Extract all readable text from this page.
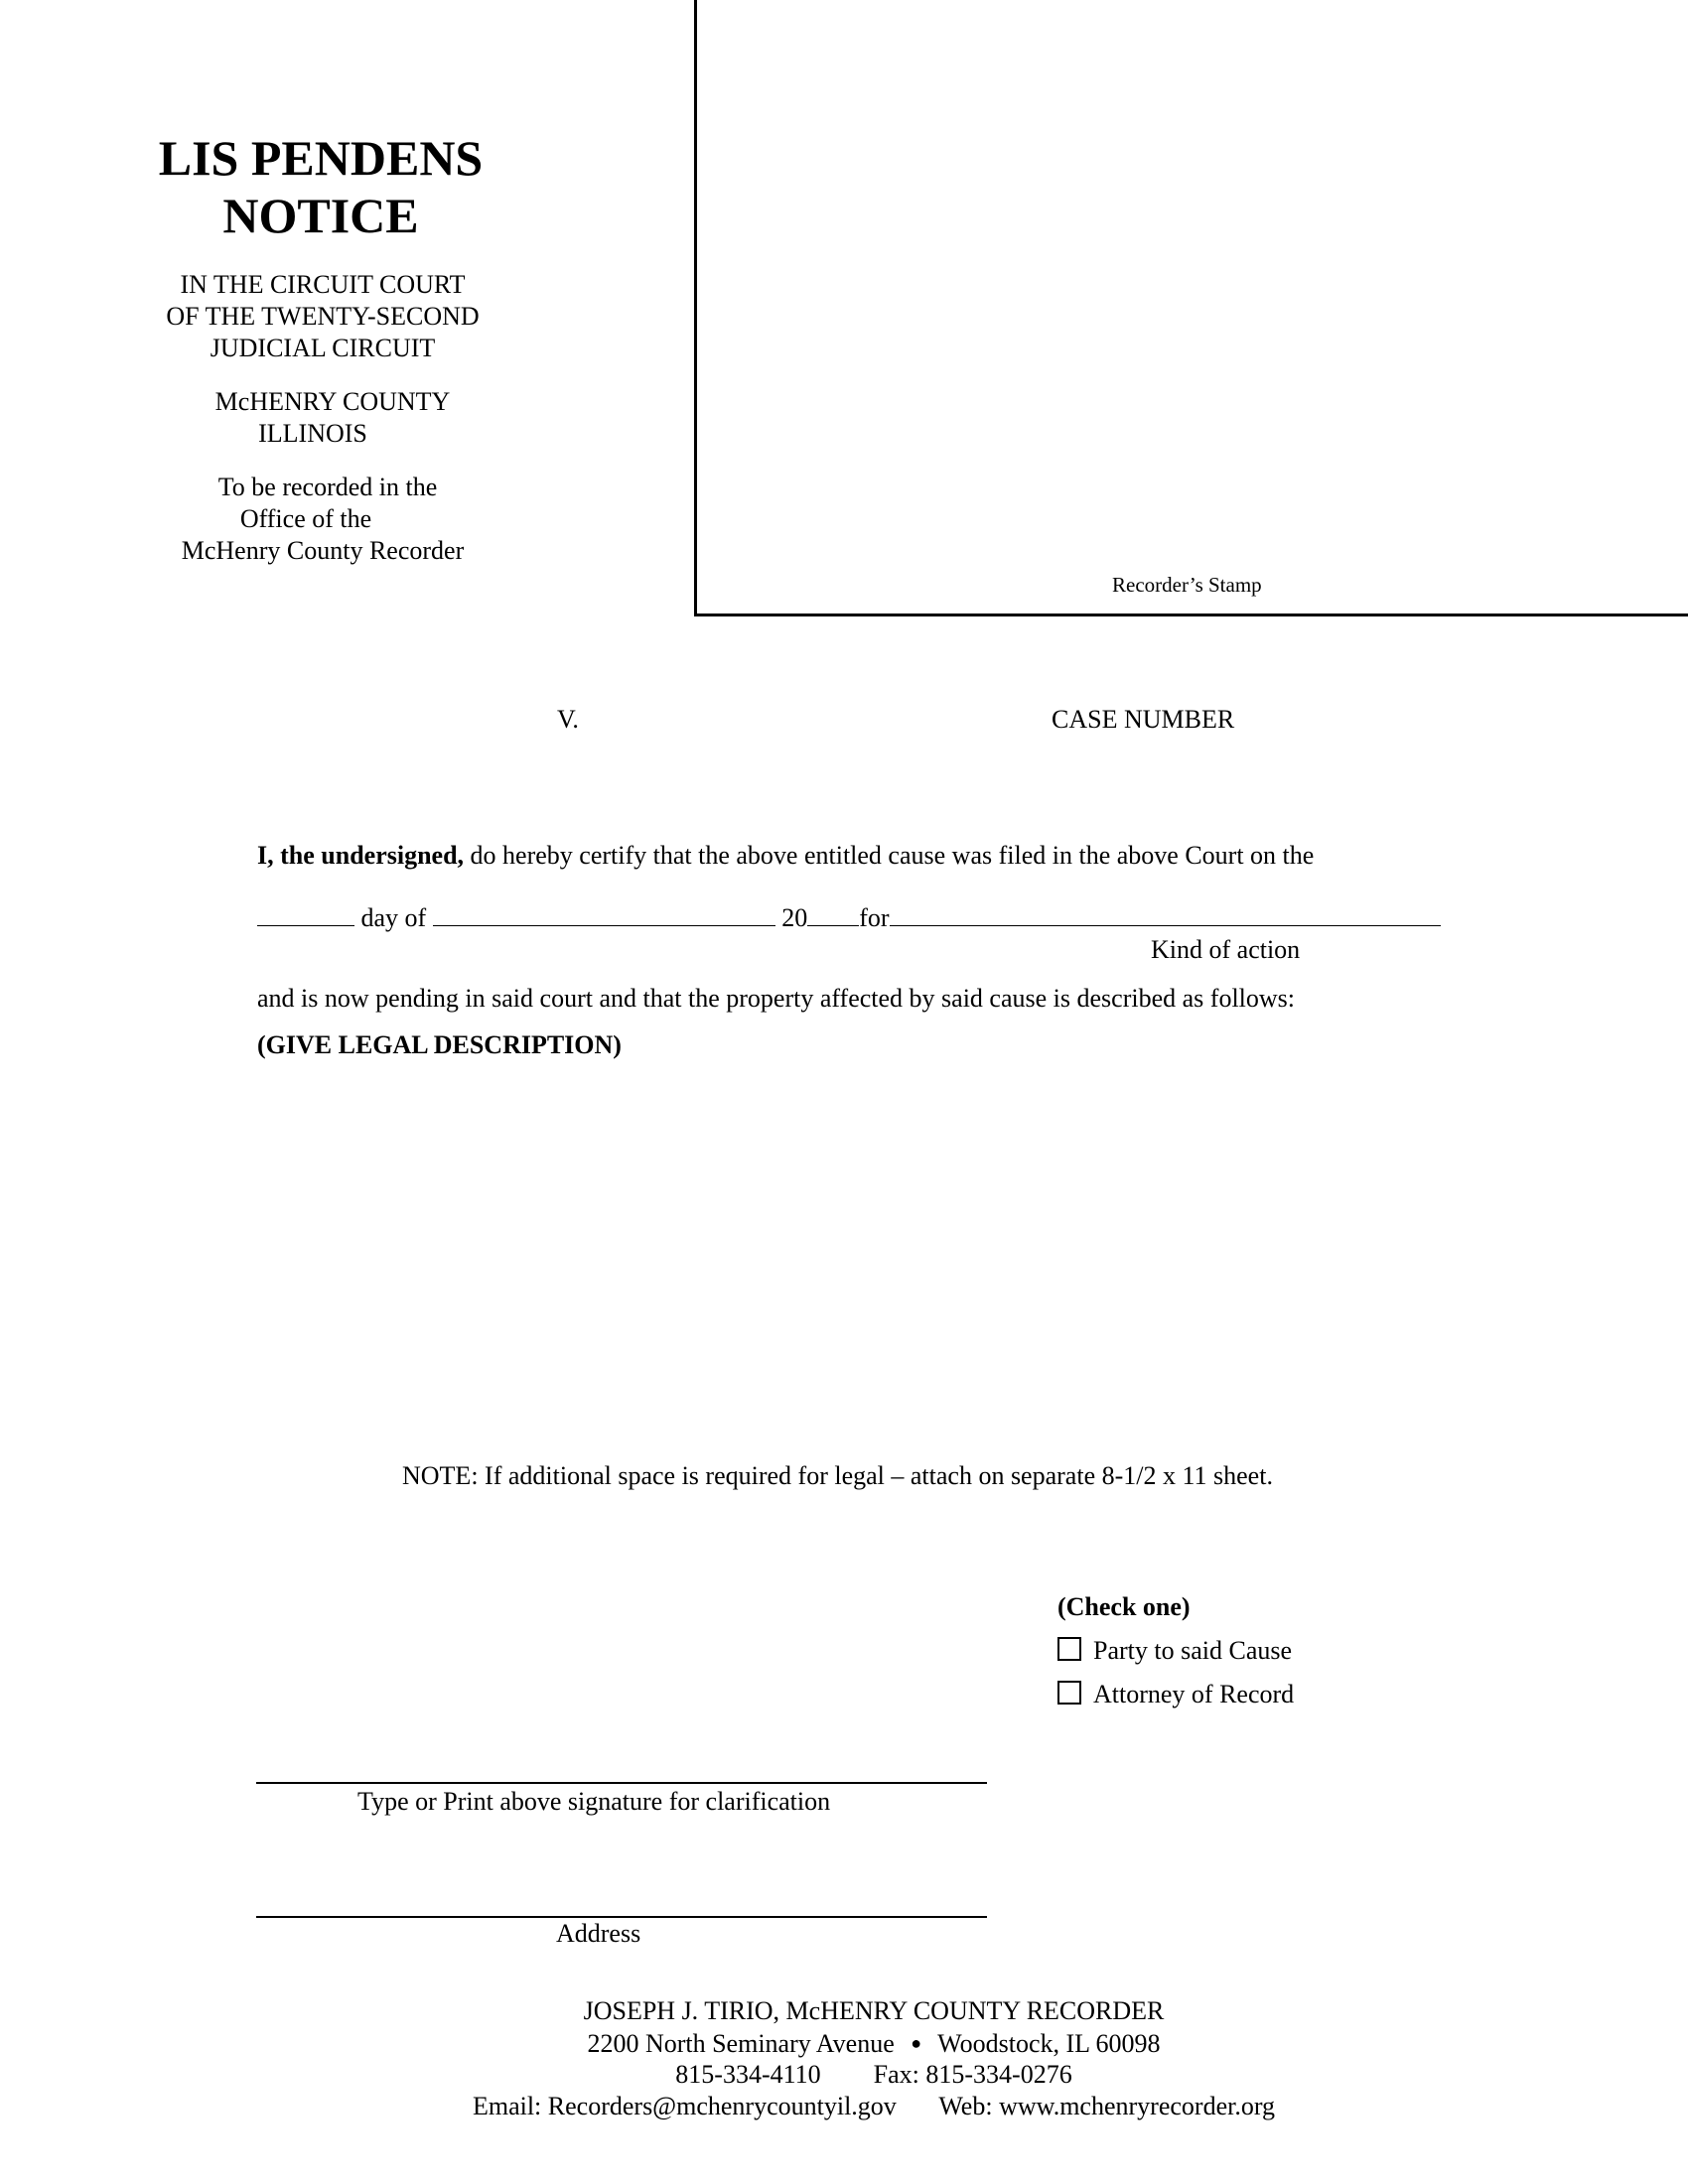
LIS PENDENS
NOTICE
IN THE CIRCUIT COURT
OF THE TWENTY-SECOND
JUDICIAL CIRCUIT
McHENRY COUNTY
ILLINOIS
To be recorded in the
Office of the
McHenry County Recorder
Recorder’s Stamp
V.	CASE NUMBER
I, the undersigned, do hereby certify that the above entitled cause was filed in the above Court on the
day of	20 for
Kind of action
and is now pending in said court and that the property affected by said cause is described as follows:
(GIVE LEGAL DESCRIPTION)
NOTE: If additional space is required for legal – attach on separate 8-1/2 x 11 sheet.
(Check one)
Party to said Cause
Attorney of Record
Type or Print above signature for clarification
Address
JOSEPH J. TIRIO, McHENRY COUNTY RECORDER
2200 North Seminary Avenue ● Woodstock, IL 60098
815-334-4110 Fax: 815-334-0276
Email: Recorders@mchenrycountyil.gov Web: www.mchenryrecorder.org
